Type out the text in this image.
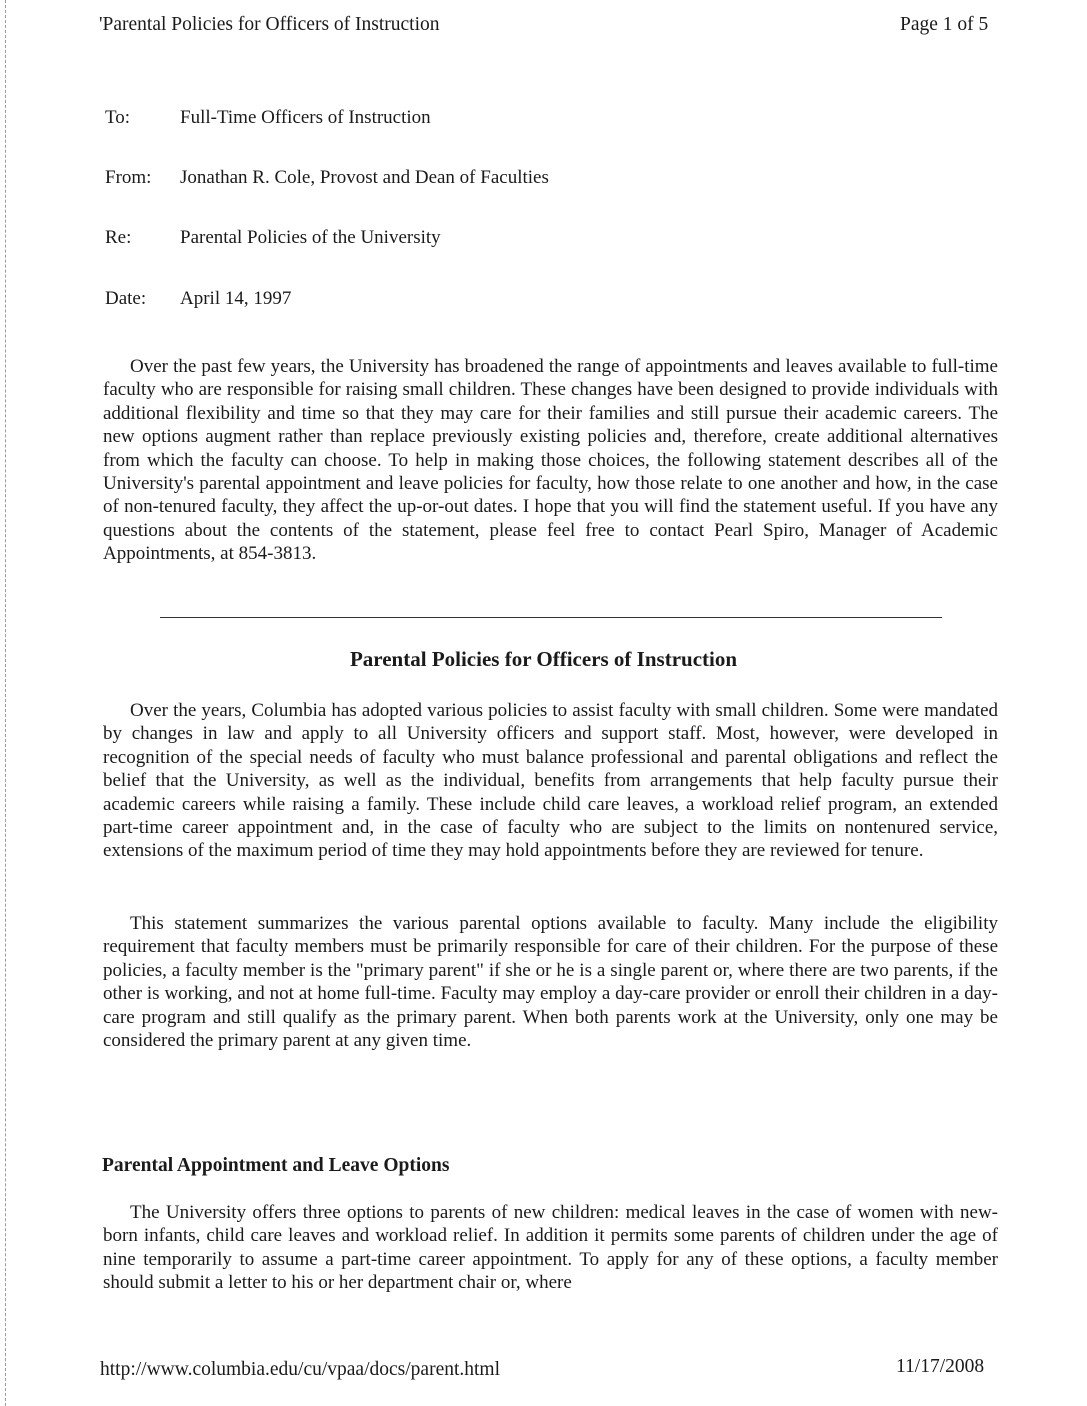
'Parental Policies for Officers of Instruction	Page 1 of 5
To:	Full-Time Officers of Instruction
From: Jonathan R. Cole, Provost and Dean of Faculties
Re:	Parental Policies of the University
Date: April 14, 1997

Over the past few years, the University has broadened the range of appointments and leaves available to full-time faculty who are responsible for raising small children. These changes have been designed to provide individuals with additional flexibility and time so that they may care for their families and still pursue their academic careers. The new options augment rather than replace previously existing policies and, therefore, create additional alternatives from which the faculty can choose. To help in making those choices, the following statement describes all of the University's parental appointment and leave policies for faculty, how those relate to one another and how, in the case of non-tenured faculty, they affect the up-or-out dates. I hope that you will find the statement useful. If you have any questions about the contents of the statement, please feel free to contact Pearl Spiro, Manager of Academic Appointments, at 854-3813.

Parental Policies for Officers of Instruction

Over the years, Columbia has adopted various policies to assist faculty with small children. Some were mandated by changes in law and apply to all University officers and support staff. Most, however, were developed in recognition of the special needs of faculty who must balance professional and parental obligations and reflect the belief that the University, as well as the individual, benefits from arrangements that help faculty pursue their academic careers while raising a family. These include child care leaves, a workload relief program, an extended part-time career appointment and, in the case of faculty who are subject to the limits on nontenured service, extensions of the maximum period of time they may hold appointments before they are reviewed for tenure.

This statement summarizes the various parental options available to faculty. Many include the eligibility requirement that faculty members must be primarily responsible for care of their children. For the purpose of these policies, a faculty member is the "primary parent" if she or he is a single parent or, where there are two parents, if the other is working, and not at home full-time. Faculty may employ a day-care provider or enroll their children in a day-care program and still qualify as the primary parent. When both parents work at the University, only one may be considered the primary parent at any given time.

Parental Appointment and Leave Options

The University offers three options to parents of new children: medical leaves in the case of women with new-born infants, child care leaves and workload relief. In addition it permits some parents of children under the age of nine temporarily to assume a part-time career appointment. To apply for any of these options, a faculty member should submit a letter to his or her department chair or, where

http://www.columbia.edu/cu/vpaa/docs/parent.html	11/17/2008
